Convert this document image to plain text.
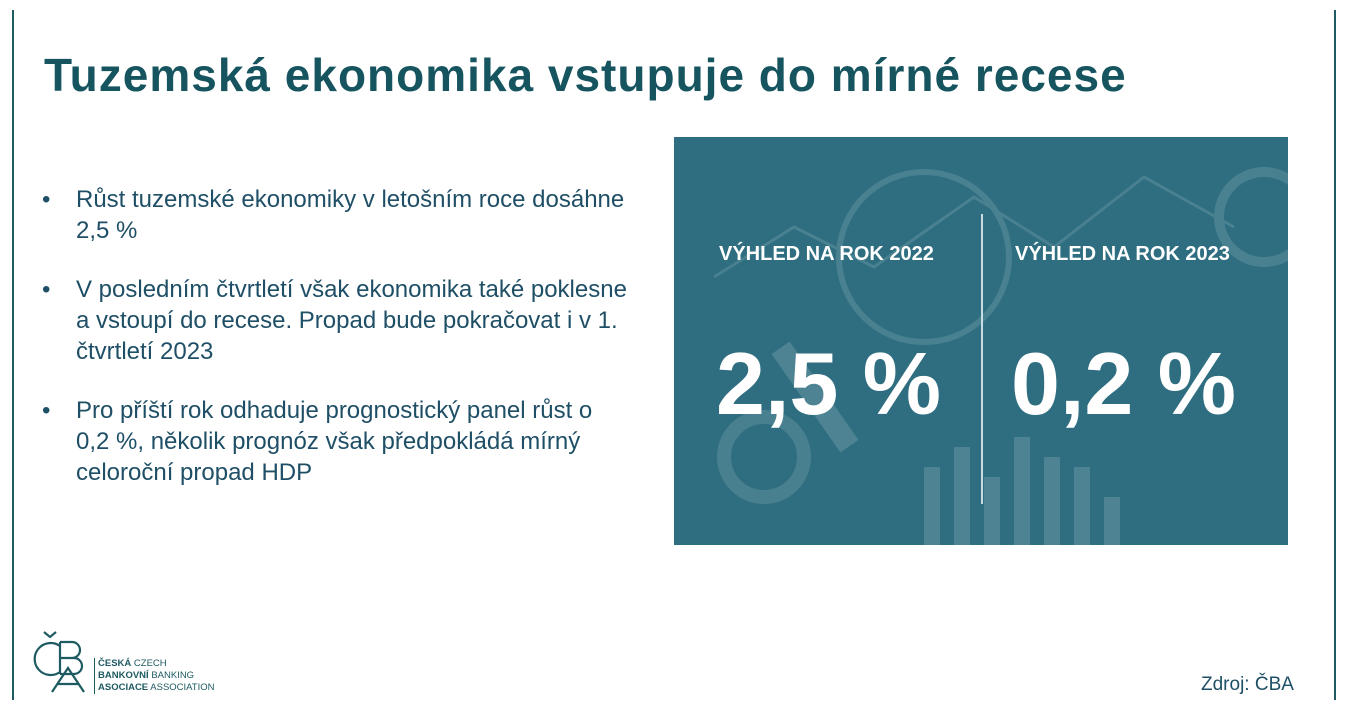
Tuzemská ekonomika vstupuje do mírné recese
• Růst tuzemské ekonomiky v letošním roce dosáhne 2,5 %
• V posledním čtvrtletí však ekonomika také poklesne a vstoupí do recese. Propad bude pokračovat i v 1. čtvrtletí 2023
• Pro příští rok odhaduje prognostický panel růst o 0,2 %, několik prognóz však předpokládá mírný celoroční propad HDP
VÝHLED NA ROK 2022
2,5 %
VÝHLED NA ROK 2023
0,2 %
ČESKÁ CZECH
BANKOVNÍ BANKING
ASOCIACE ASSOCIATION	Zdroj: ČBA
